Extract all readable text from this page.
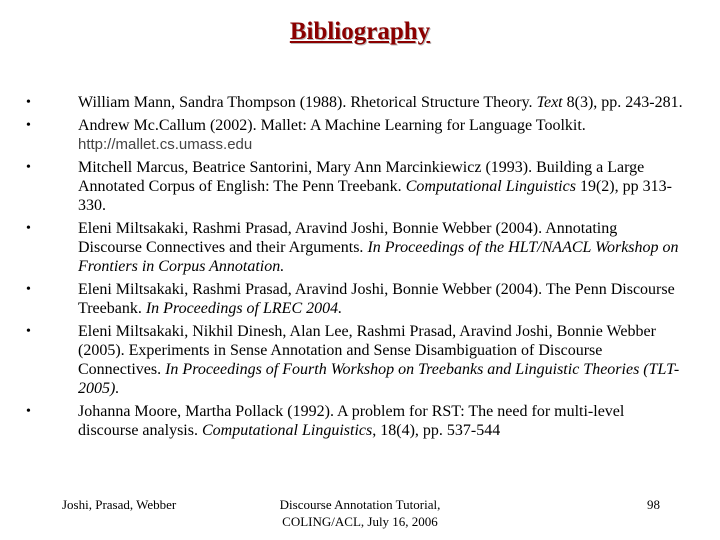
Bibliography
•	William Mann, Sandra Thompson (1988). Rhetorical Structure Theory. Text 8(3), pp. 243-281.
•	Andrew Mc.Callum (2002). Mallet: A Machine Learning for Language Toolkit.
http://mallet.cs.umass.edu
•	Mitchell Marcus, Beatrice Santorini, Mary Ann Marcinkiewicz (1993). Building a Large Annotated Corpus of English: The Penn Treebank. Computational Linguistics 19(2), pp 313-330.
•	Eleni Miltsakaki, Rashmi Prasad, Aravind Joshi, Bonnie Webber (2004). Annotating Discourse Connectives and their Arguments. In Proceedings of the HLT/NAACL Workshop on Frontiers in Corpus Annotation.
•	Eleni Miltsakaki, Rashmi Prasad, Aravind Joshi, Bonnie Webber (2004). The Penn Discourse Treebank. In Proceedings of LREC 2004.
•	Eleni Miltsakaki, Nikhil Dinesh, Alan Lee, Rashmi Prasad, Aravind Joshi, Bonnie Webber (2005). Experiments in Sense Annotation and Sense Disambiguation of Discourse Connectives. In Proceedings of Fourth Workshop on Treebanks and Linguistic Theories (TLT-2005).
•	Johanna Moore, Martha Pollack (1992). A problem for RST: The need for multi-level discourse analysis. Computational Linguistics, 18(4), pp. 537-544
Joshi, Prasad, Webber	Discourse Annotation Tutorial,
COLING/ACL, July 16, 2006
98
